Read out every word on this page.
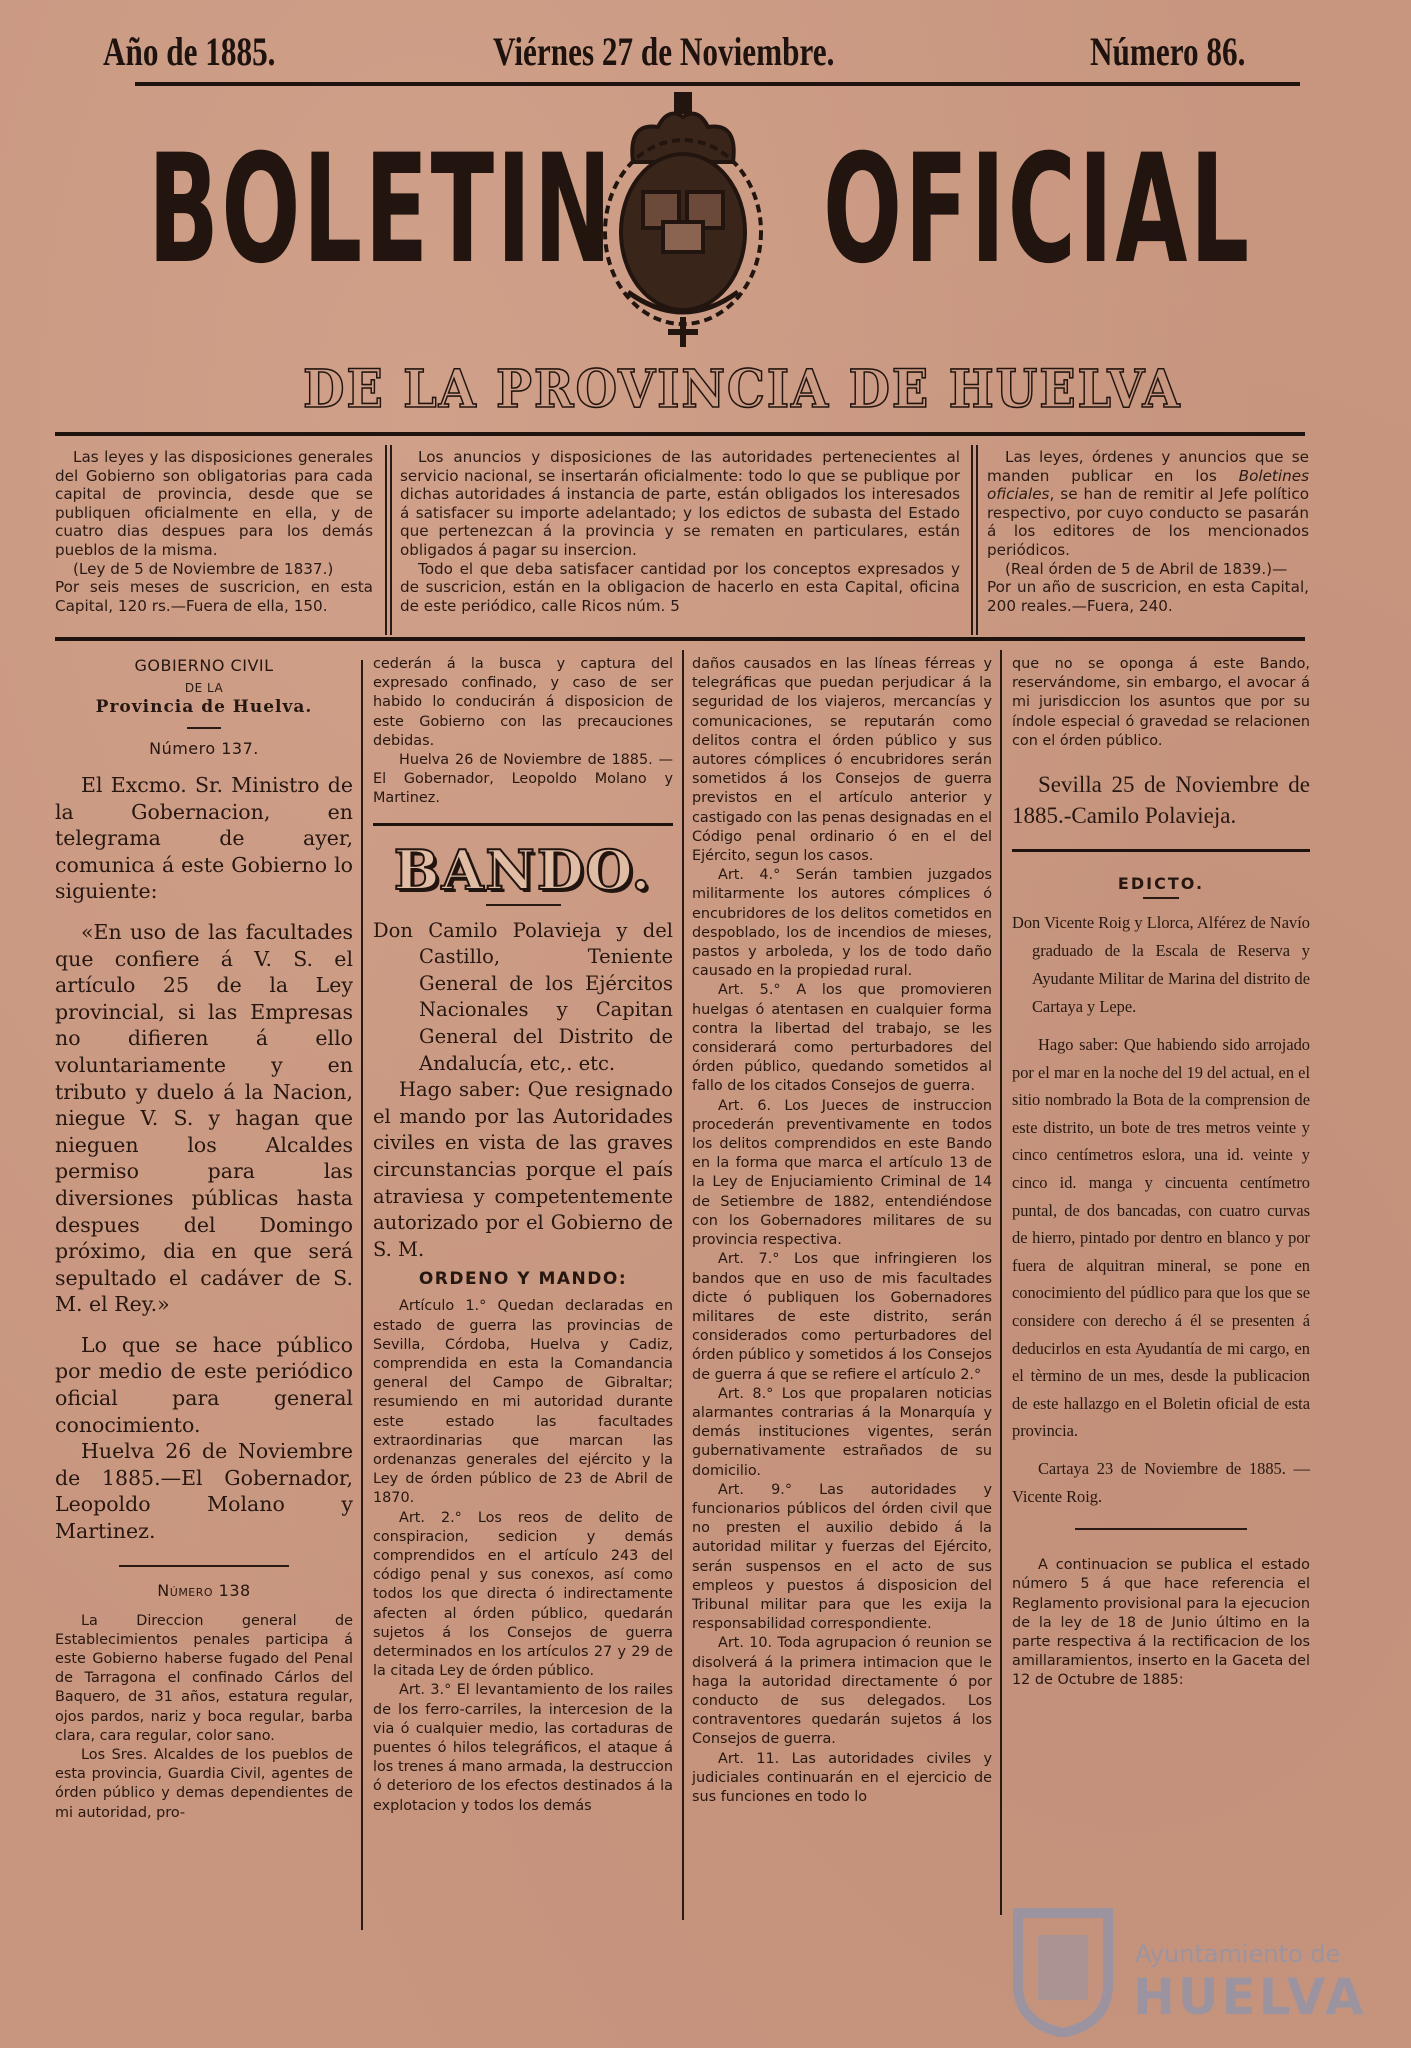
Año de 1885.	Viérnes 27 de Noviembre.	Número 86.
BOLETIN OFICIAL
DE LA PROVINCIA DE HUELVA

Las leyes y las disposiciones generales del Gobierno son obligatorias para cada capital de provincia, desde que se publiquen oficialmente en ella, y de cuatro dias despues para los demás pueblos de la misma.

(Ley de 5 de Noviembre de 1837.)

Por seis meses de suscricion, en esta Capital, 120 rs.—Fuera de ella, 150.

Los anuncios y disposiciones de las autoridades pertenecientes al servicio nacional, se insertarán oficialmente: todo lo que se publique por dichas autoridades á instancia de parte, están obligados los interesados á satisfacer su importe adelantado; y los edictos de subasta del Estado que pertenezcan á la provincia y se rematen en particulares, están obligados á pagar su insercion.

Todo el que deba satisfacer cantidad por los conceptos expresados y de suscricion, están en la obligacion de hacerlo en esta Capital, oficina de este periódico, calle Ricos núm. 5

Las leyes, órdenes y anuncios que se manden publicar en los Boletines oficiales, se han de remitir al Jefe político respectivo, por cuyo conducto se pasarán á los editores de los mencionados periódicos.

(Real órden de 5 de Abril de 1839.)—

Por un año de suscricion, en esta Capital, 200 reales.—Fuera, 240.

GOBIERNO CIVIL
DE LA
Provincia de Huelva.
Número 137.

El Excmo. Sr. Ministro de la Gobernacion, en telegrama de ayer, comunica á este Gobierno lo siguiente:

«En uso de las facultades que confiere á V. S. el artículo 25 de la Ley provincial, si las Empresas no difieren á ello voluntariamente y en tributo y duelo á la Nacion, niegue V. S. y hagan que nieguen los Alcaldes permiso para las diversiones públicas hasta despues del Domingo próximo, dia en que será sepultado el cadáver de S. M. el Rey.»

Lo que se hace público por medio de este periódico oficial para general conocimiento.

Huelva 26 de Noviembre de 1885.—El Gobernador, Leopoldo Molano y Martinez.

Número 138

La Direccion general de Establecimientos penales participa á este Gobierno haberse fugado del Penal de Tarragona el confinado Cárlos del Baquero, de 31 años, estatura regular, ojos pardos, nariz y boca regular, barba clara, cara regular, color sano.

Los Sres. Alcaldes de los pueblos de esta provincia, Guardia Civil, agentes de órden público y demas dependientes de mi autoridad, pro-

cederán á la busca y captura del expresado confinado, y caso de ser habido lo conducirán á disposicion de este Gobierno con las precauciones debidas.

Huelva 26 de Noviembre de 1885. —El Gobernador, Leopoldo Molano y Martinez.

BANDO.

Don Camilo Polavieja y del Castillo, Teniente General de los Ejércitos Nacionales y Capitan General del Distrito de Andalucía, etc,. etc.

Hago saber: Que resignado el mando por las Autoridades civiles en vista de las graves circunstancias porque el país atraviesa y competentemente autorizado por el Gobierno de S. M.

ORDENO Y MANDO:

Artículo 1.° Quedan declaradas en estado de guerra las provincias de Sevilla, Córdoba, Huelva y Cadiz, comprendida en esta la Comandancia general del Campo de Gibraltar; resumiendo en mi autoridad durante este estado las facultades extraordinarias que marcan las ordenanzas generales del ejército y la Ley de órden público de 23 de Abril de 1870.

Art. 2.° Los reos de delito de conspiracion, sedicion y demás comprendidos en el artículo 243 del código penal y sus conexos, así como todos los que directa ó indirectamente afecten al órden público, quedarán sujetos á los Consejos de guerra determinados en los artículos 27 y 29 de la citada Ley de órden público.

Art. 3.° El levantamiento de los railes de los ferro-carriles, la intercesion de la via ó cualquier medio, las cortaduras de puentes ó hilos telegráficos, el ataque á los trenes á mano armada, la destruccion ó deterioro de los efectos destinados á la explotacion y todos los demás

daños causados en las líneas férreas y telegráficas que puedan perjudicar á la seguridad de los viajeros, mercancías y comunicaciones, se reputarán como delitos contra el órden público y sus autores cómplices ó encubridores serán sometidos á los Consejos de guerra previstos en el artículo anterior y castigado con las penas designadas en el Código penal ordinario ó en el del Ejército, segun los casos.

Art. 4.° Serán tambien juzgados militarmente los autores cómplices ó encubridores de los delitos cometidos en despoblado, los de incendios de mieses, pastos y arboleda, y los de todo daño causado en la propiedad rural.

Art. 5.° A los que promovieren huelgas ó atentasen en cualquier forma contra la libertad del trabajo, se les considerará como perturbadores del órden público, quedando sometidos al fallo de los citados Consejos de guerra.

Art. 6. Los Jueces de instruccion procederán preventivamente en todos los delitos comprendidos en este Bando en la forma que marca el artículo 13 de la Ley de Enjuciamiento Criminal de 14 de Setiembre de 1882, entendiéndose con los Gobernadores militares de su provincia respectiva.

Art. 7.° Los que infringieren los bandos que en uso de mis facultades dicte ó publiquen los Gobernadores militares de este distrito, serán considerados como perturbadores del órden público y sometidos á los Consejos de guerra á que se refiere el artículo 2.°

Art. 8.° Los que propalaren noticias alarmantes contrarias á la Monarquía y demás instituciones vigentes, serán gubernativamente estrañados de su domicilio.

Art. 9.° Las autoridades y funcionarios públicos del órden civil que no presten el auxilio debido á la autoridad militar y fuerzas del Ejército, serán suspensos en el acto de sus empleos y puestos á disposicion del Tribunal militar para que les exija la responsabilidad correspondiente.

Art. 10. Toda agrupacion ó reunion se disolverá á la primera intimacion que le haga la autoridad directamente ó por conducto de sus delegados. Los contraventores quedarán sujetos á los Consejos de guerra.

Art. 11. Las autoridades civiles y judiciales continuarán en el ejercicio de sus funciones en todo lo

que no se oponga á este Bando, reservándome, sin embargo, el avocar á mi jurisdiccion los asuntos que por su índole especial ó gravedad se relacionen con el órden público.

Sevilla 25 de Noviembre de 1885.-Camilo Polavieja.

EDICTO.

Don Vicente Roig y Llorca, Alférez de Navío graduado de la Escala de Reserva y Ayudante Militar de Marina del distrito de Cartaya y Lepe.

Hago saber: Que habiendo sido arrojado por el mar en la noche del 19 del actual, en el sitio nombrado la Bota de la comprension de este distrito, un bote de tres metros veinte y cinco centímetros eslora, una id. veinte y cinco id. manga y cincuenta centímetro puntal, de dos bancadas, con cuatro curvas de hierro, pintado por dentro en blanco y por fuera de alquitran mineral, se pone en conocimiento del púdlico para que los que se considere con derecho á él se presenten á deducirlos en esta Ayudantía de mi cargo, en el tèrmino de un mes, desde la publicacion de este hallazgo en el Boletin oficial de esta provincia.

Cartaya 23 de Noviembre de 1885. —Vicente Roig.

A continuacion se publica el estado número 5 á que hace referencia el Reglamento provisional para la ejecucion de la ley de 18 de Junio último en la parte respectiva á la rectificacion de los amillaramientos, inserto en la Gaceta del 12 de Octubre de 1885:

Ayuntamiento de
HUELVA
